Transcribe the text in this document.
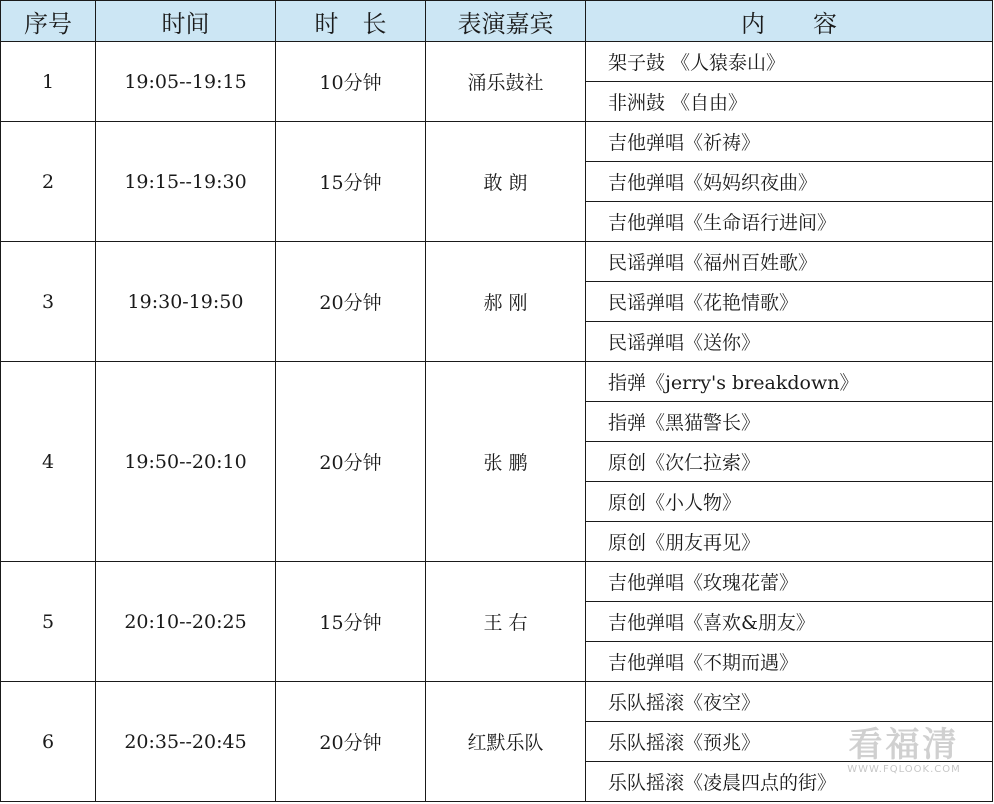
序号	时间	时　长	表演嘉宾	内　　容
1	19:05--19:15	10分钟	涌乐鼓社	架子鼓 《人猿泰山》
				非洲鼓 《自由》
2	19:15--19:30	15分钟	敢 朗	吉他弹唱《祈祷》
				吉他弹唱《妈妈织夜曲》
				吉他弹唱《生命语行进间》
3	19:30-19:50	20分钟	郝 刚	民谣弹唱《福州百姓歌》
				民谣弹唱《花艳情歌》
				民谣弹唱《送你》
4	19:50--20:10	20分钟	张 鹏	指弹《jerry's breakdown》
				指弹《黑猫警长》
				原创《次仁拉索》
				原创《小人物》
				原创《朋友再见》
5	20:10--20:25	15分钟	王 右	吉他弹唱《玫瑰花蕾》
				吉他弹唱《喜欢&朋友》
				吉他弹唱《不期而遇》
6	20:35--20:45	20分钟	红默乐队	乐队摇滚《夜空》
				乐队摇滚《预兆》
				乐队摇滚《凌晨四点的街》
看福清
WWW.FQLOOK.COM
